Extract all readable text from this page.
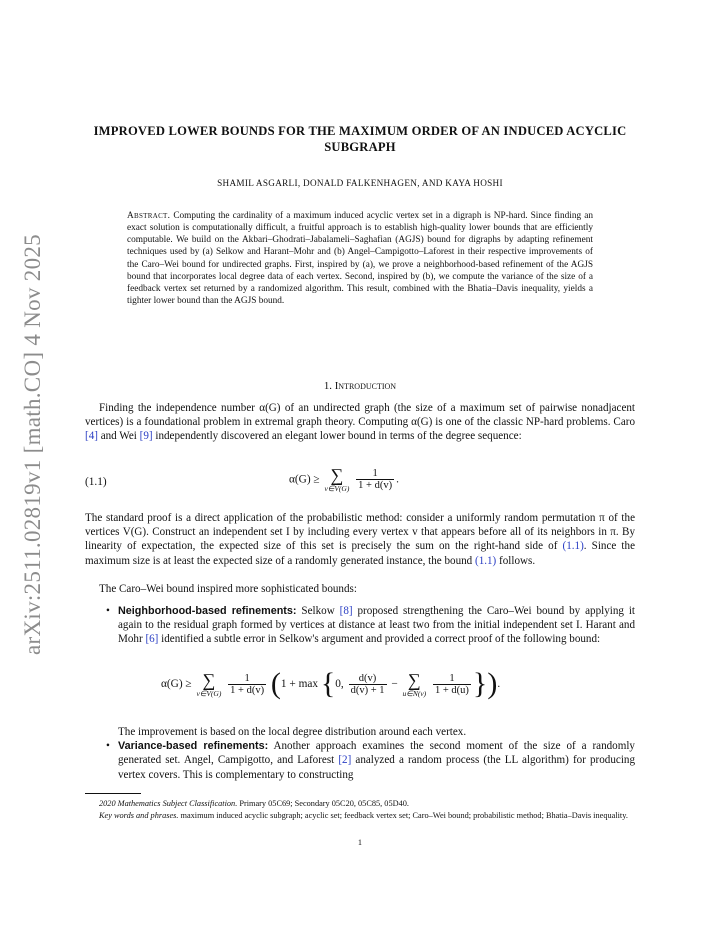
arXiv:2511.02819v1 [math.CO] 4 Nov 2025
IMPROVED LOWER BOUNDS FOR THE MAXIMUM ORDER OF AN INDUCED ACYCLIC SUBGRAPH
SHAMIL ASGARLI, DONALD FALKENHAGEN, AND KAYA HOSHI
Abstract. Computing the cardinality of a maximum induced acyclic vertex set in a digraph is NP-hard. Since finding an exact solution is computationally difficult, a fruitful approach is to establish high-quality lower bounds that are efficiently computable. We build on the Akbari–Ghodrati–Jabalameli–Saghafian (AGJS) bound for digraphs by adapting refinement techniques used by (a) Selkow and Harant–Mohr and (b) Angel–Campigotto–Laforest in their respective improvements of the Caro–Wei bound for undirected graphs. First, inspired by (a), we prove a neighborhood-based refinement of the AGJS bound that incorporates local degree data of each vertex. Second, inspired by (b), we compute the variance of the size of a feedback vertex set returned by a randomized algorithm. This result, combined with the Bhatia–Davis inequality, yields a tighter lower bound than the AGJS bound.
1. Introduction
Finding the independence number α(G) of an undirected graph (the size of a maximum set of pairwise nonadjacent vertices) is a foundational problem in extremal graph theory. Computing α(G) is one of the classic NP-hard problems. Caro [4] and Wei [9] independently discovered an elegant lower bound in terms of the degree sequence:
(1.1)	α(G) ≥ ∑
v∈V(G)
$\frac{1}{1 + d(v)}$ .
The standard proof is a direct application of the probabilistic method: consider a uniformly random permutation π of the vertices V(G). Construct an independent set I by including every vertex v that appears before all of its neighbors in π. By linearity of expectation, the expected size of this set is precisely the sum on the right-hand side of (1.1). Since the maximum size is at least the expected size of a randomly generated instance, the bound (1.1) follows.
The Caro–Wei bound inspired more sophisticated bounds:
• Neighborhood-based refinements: Selkow [8] proposed strengthening the Caro–Wei bound by applying it again to the residual graph formed by vertices at distance at least two from the initial independent set I. Harant and Mohr [6] identified a subtle error in Selkow's argument and provided a correct proof of the following bound:
α(G) ≥ ∑
v∈V(G)
$\frac{1}{1 + d(v)} (1 + \max \{0$, $\frac{d(v)}{d(v) + 1}$ − ∑
u∈N(v)
$\frac{1}{1 + d(u)}$ }).
The improvement is based on the local degree distribution around each vertex.
• Variance-based refinements: Another approach examines the second moment of the size of a randomly generated set. Angel, Campigotto, and Laforest [2] analyzed a random process (the LL algorithm) for producing vertex covers. This is complementary to constructing
2020 Mathematics Subject Classification. Primary 05C69; Secondary 05C20, 05C85, 05D40.
Key words and phrases. maximum induced acyclic subgraph; acyclic set; feedback vertex set; Caro–Wei bound; probabilistic method; Bhatia–Davis inequality.
1
